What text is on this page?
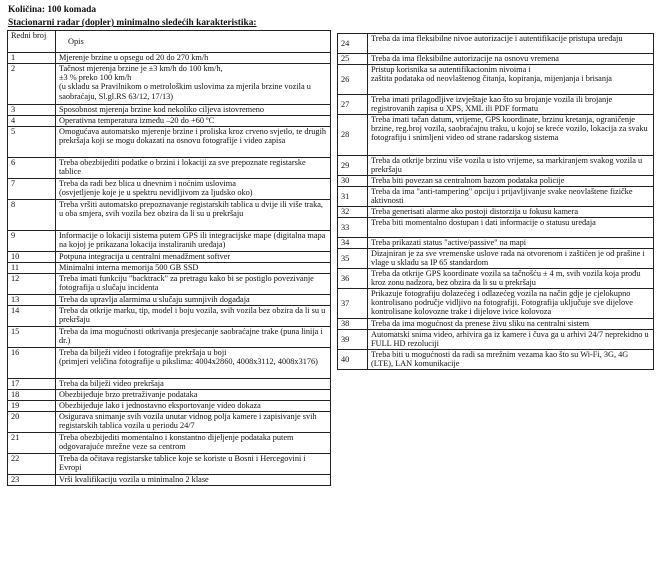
Količina: 100 komada
Stacionarni radar (dopler) minimalno sledećih karakteristika:
Redni broj	Opis
1	Mjerenje brzine u opsegu od 20 do 270 km/h
2	Tačnost mjerenja brzine je ±3 km/h do 100 km/h,
±3 % preko 100 km/h
(u skladu sa Pravilnikom o metrološkim uslovima za mjerila brzine vozila u saobraćaju, Sl.gl.RS 63/12, 17/13)
3	Sposobnost mjerenja brzine kod nekoliko ciljeva istovremeno
4	Operativna temperatura između –20 do +60 ºC
5	Omogućava automatsko mjerenje brzine i proliska kroz crveno svjetlo, te drugih prekršaja koji se mogu dokazati na osnovu fotografije i video zapisa
6	Treba obezbijediti podatke o brzini i lokaciji za sve prepoznate registarske tablice
7	Treba da radi bez blica u dnevnim i noćnim uslovima
(osvjetljenje koje je u spektru nevidljivom za ljudsko oko)
8	Treba vršiti automatsko prepoznavanje registarskih tablica u dvije ili više traka, u oba smjera, svih vozila bez obzira da li su u prekršaju
9	Informacije o lokaciji sistema putem GPS ili integracijske mape (digitalna mapa na kojoj je prikazana lokacija instaliranih uređaja)
10	Potpuna integracija u centralni menadžment softver
11	Minimalni interna memorija 500 GB SSD
12	Treba imati funkciju "backtrack" za pretragu kako bi se postiglo povezivanje fotografija u slučaju incidenta
13	Treba da upravlja alarmima u slučaju sumnjivih događaja
14	Treba da otkrije marku, tip, model i boju vozila, svih vozila bez obzira da li su u prekršaju
15	Treba da ima mogućnosti otkrivanja presjecanje saobraćajne trake (puna linija i dr.)
16	Treba da bilježi video i fotografije prekršaja u boji
(primjeri veličina fotografije u pikslima: 4004x2860, 4008x3112, 4008x3176)
17	Treba da bilježi video prekršaja
18	Obezbijeđuje brzo pretraživanje podataka
19	Obezbijeđuje lako i jednostavno eksportovanje video dokaza
20	Osigurava snimanje svih vozila unutar vidnog polja kamere i zapisivanje svih registarskih tablica vozila u periodu 24/7
21	Treba obezbijediti momentalno i konstantno dijeljenje podataka putem odgovarajuće mrežne veze sa centrom
22	Treba da očitava registarske tablice koje se koriste u Bosni i Hercegovini i Evropi
23	Vrši kvalifikaciju vozila u minimalno 2 klase
24	Treba da ima fleksibilne nivoe autorizacije i autentifikacije pristupa uređaju
25	Treba da ima fleksibilne autorizacije na osnovu vremena
26	Pristup korisnika sa autentifikacionim nivoima i
zaštita podataka od neovlaštenog čitanja, kopiranja, mijenjanja i brisanja
27	Treba imati prilagodljive izvještaje kao što su brojanje vozila ili brojanje registrovanih zapisa u XPS, XML ili PDF formatu
28	Treba imati tačan datum, vrijeme, GPS koordinate, brzinu kretanja, ograničenje brzine, reg.broj vozila, saobraćajnu traku, u kojoj se kreće vozilo, lokacija za svaku fotografiju i snimljeni video od strane radarskog sistema
29	Treba da otkrije brzinu više vozila u isto vrijeme, sa markiranjem svakog vozila u prekršaju
30	Treba biti povezan sa centralnom bazom podataka policije
31	Treba da ima "anti-tampering" opciju i prijavljivanje svake neovlaštene fizičke aktivnosti
32	Treba generisati alarme ako postoji distorzija u fokusu kamera
33	Treba biti momentalno dostupan i dati informacije o statusu uređaja
34	Treba prikazati status "active/passive" na mapi
35	Dizajniran je za sve vremenske uslove rada na otvorenom i zaštićen je od prašine i vlage u skladu sa IP 65 standardom
36	Treba da otkrije GPS koordinate vozila sa tačnošću ± 4 m, svih vozila koja prođu kroz zonu nadzora, bez obzira da li su u prekršaju
37	Prikazuje fotografiju dolazećeg i odlazećeg vozila na način gdje je cjelokupno kontrolisano područje vidljivo na fotografiji. Fotografija uključuje sve dijelove kontrolisane kolovozne trake i dijelove ivice kolovoza
38	Treba da ima mogućnost da prenese živu sliku na centralni sistem
39	Automatski snima video, arhivira ga iz kamere i čuva ga u arhivi 24/7 neprekidno u FULL HD rezoluciji
40	Treba biti u mogućnosti da radi sa mrežnim vezama kao što su Wi-Fi, 3G, 4G (LTE), LAN komunikacije
